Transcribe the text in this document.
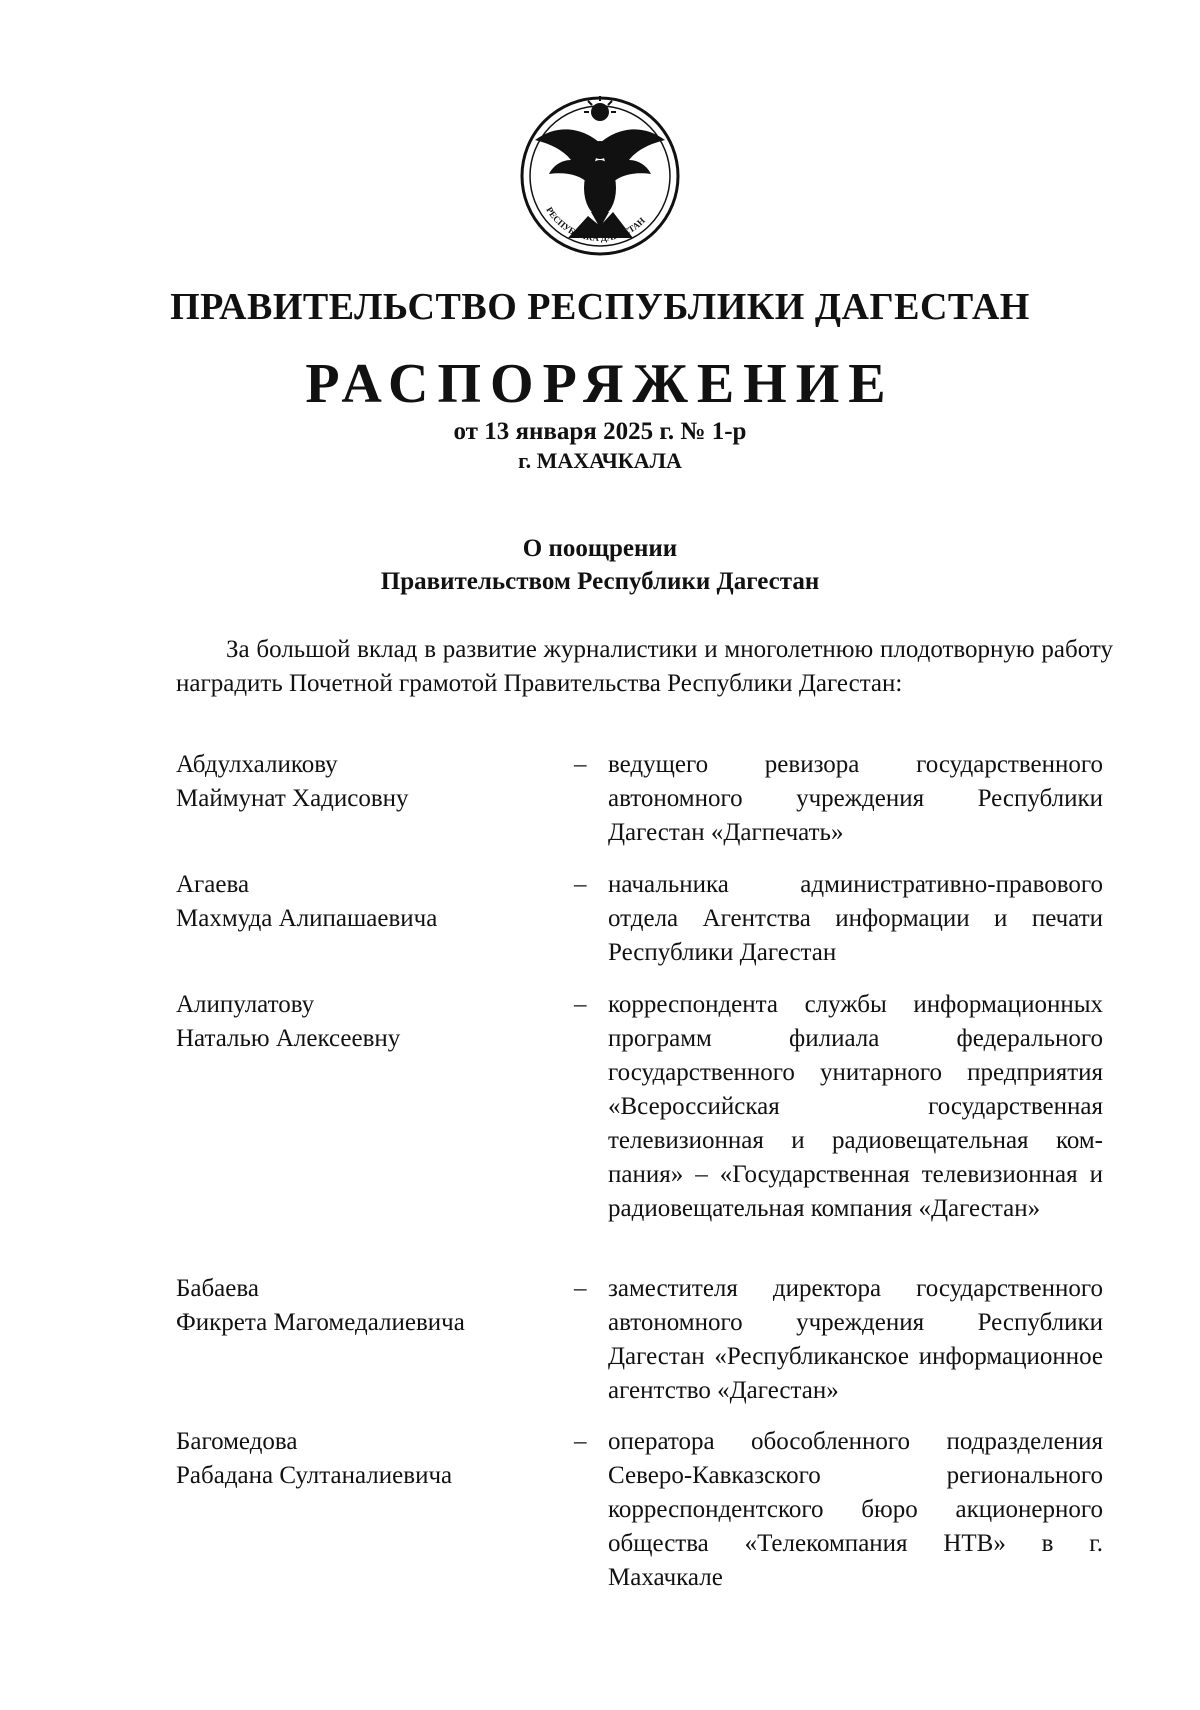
РЕСПУБЛИКА ДАГЕСТАН
ПРАВИТЕЛЬСТВО РЕСПУБЛИКИ ДАГЕСТАН
РАСПОРЯЖЕНИЕ
от 13 января 2025 г. № 1-р
г. МАХАЧКАЛА
О поощрении
Правительством Республики Дагестан
За большой вклад в развитие журналистики и многолетнюю плодотворную работу наградить Почетной грамотой Правительства Республики Дагестан:
Абдулхаликову
Маймунат Хадисовну
– ведущего ревизора государственного автономного учреждения Республики Дагестан «Дагпечать»
Агаева
Махмуда Алипашаевича
– начальника административно-правового отдела Агентства информации и печати Республики Дагестан
Алипулатову
Наталью Алексеевну
– корреспондента службы информационных программ филиала федерального государственного унитарного предприятия «Всероссийская государственная телевизионная и радиовещательная компания» – «Государственная телевизионная и радиовещательная компания «Дагестан»
Бабаева
Фикрета Магомедалиевича
– заместителя директора государственного автономного учреждения Республики Дагестан «Республиканское информационное агентство «Дагестан»
Багомедова
Рабадана Султаналиевича
– оператора обособленного подразделения Северо-Кавказского регионального корреспондентского бюро акционерного общества «Телекомпания НТВ» в г. Махачкале
